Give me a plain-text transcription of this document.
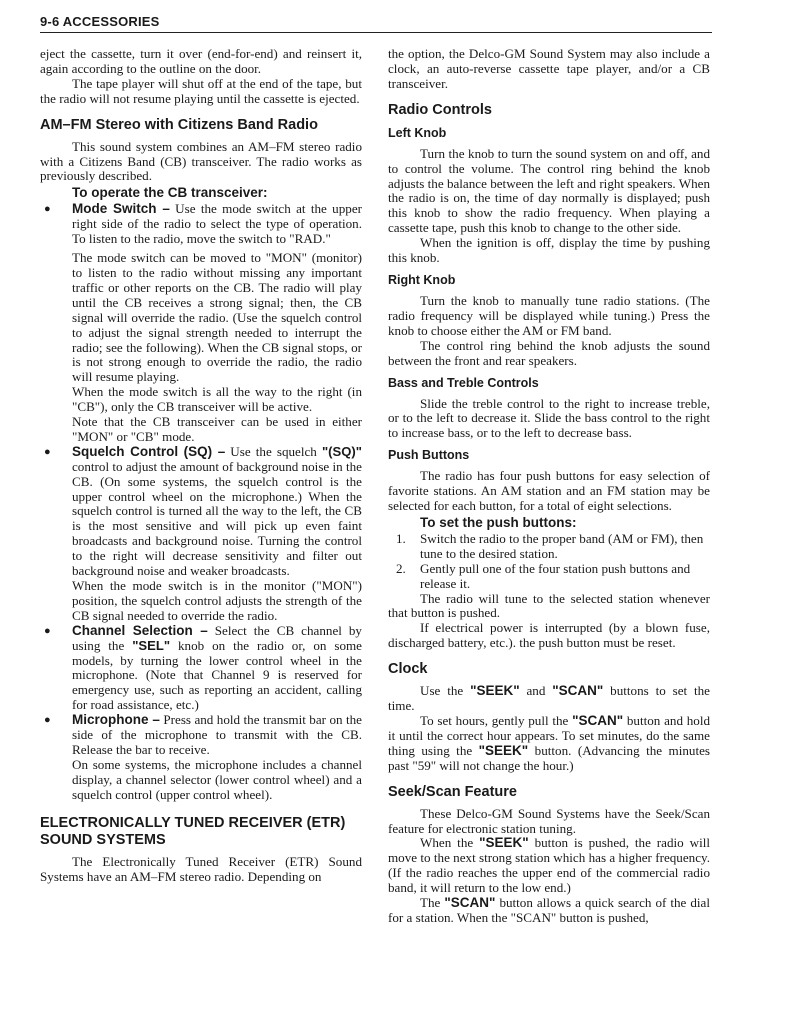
9-6 ACCESSORIES

eject the cassette, turn it over (end-for-end) and reinsert it, again according to the outline on the door.

The tape player will shut off at the end of the tape, but the radio will not resume playing until the cassette is ejected.

AM–FM Stereo with Citizens Band Radio

This sound system combines an AM–FM stereo radio with a Citizens Band (CB) transceiver. The radio works as previously described.

To operate the CB transceiver:

● Mode Switch – Use the mode switch at the upper right side of the radio to select the type of operation. To listen to the radio, move the switch to "RAD."

The mode switch can be moved to "MON" (monitor) to listen to the radio without missing any important traffic or other reports on the CB. The radio will play until the CB receives a strong signal; then, the CB signal will override the radio. (Use the squelch control to adjust the signal strength needed to interrupt the radio; see the following). When the CB signal stops, or is not strong enough to override the radio, the radio will resume playing.

When the mode switch is all the way to the right (in "CB"), only the CB transceiver will be active.

Note that the CB transceiver can be used in either "MON" or "CB" mode.

● Squelch Control (SQ) – Use the squelch "(SQ)" control to adjust the amount of background noise in the CB. (On some systems, the squelch control is the upper control wheel on the microphone.) When the squelch control is turned all the way to the left, the CB is the most sensitive and will pick up even faint broadcasts and background noise. Turning the control to the right will decrease sensitivity and filter out background noise and weaker broadcasts.

When the mode switch is in the monitor ("MON") position, the squelch control adjusts the strength of the CB signal needed to override the radio.

● Channel Selection – Select the CB channel by using the "SEL" knob on the radio or, on some models, by turning the lower control wheel in the microphone. (Note that Channel 9 is reserved for emergency use, such as reporting an accident, calling for road assistance, etc.)

● Microphone – Press and hold the transmit bar on the side of the microphone to transmit with the CB. Release the bar to receive.

On some systems, the microphone includes a channel display, a channel selector (lower control wheel) and a squelch control (upper control wheel).

ELECTRONICALLY TUNED RECEIVER (ETR) SOUND SYSTEMS

The Electronically Tuned Receiver (ETR) Sound Systems have an AM–FM stereo radio. Depending on

the option, the Delco-GM Sound System may also include a clock, an auto-reverse cassette tape player, and/or a CB transceiver.

Radio Controls
Left Knob

Turn the knob to turn the sound system on and off, and to control the volume. The control ring behind the knob adjusts the balance between the left and right speakers. When the radio is on, the time of day normally is displayed; push this knob to show the radio frequency. When playing a cassette tape, push this knob to change to the other side.

When the ignition is off, display the time by pushing this knob.

Right Knob

Turn the knob to manually tune radio stations. (The radio frequency will be displayed while tuning.) Press the knob to choose either the AM or FM band.

The control ring behind the knob adjusts the sound between the front and rear speakers.

Bass and Treble Controls

Slide the treble control to the right to increase treble, or to the left to decrease it. Slide the bass control to the right to increase bass, or to the left to decrease bass.

Push Buttons

The radio has four push buttons for easy selection of favorite stations. An AM station and an FM station may be selected for each button, for a total of eight selections.

To set the push buttons:
1. Switch the radio to the proper band (AM or FM), then tune to the desired station.
2. Gently pull one of the four station push buttons and release it.

The radio will tune to the selected station whenever that button is pushed.

If electrical power is interrupted (by a blown fuse, discharged battery, etc.). the push button must be reset.

Clock

Use the "SEEK" and "SCAN" buttons to set the time.

To set hours, gently pull the "SCAN" button and hold it until the correct hour appears. To set minutes, do the same thing using the "SEEK" button. (Advancing the minutes past "59" will not change the hour.)

Seek/Scan Feature

These Delco-GM Sound Systems have the Seek/Scan feature for electronic station tuning.

When the "SEEK" button is pushed, the radio will move to the next strong station which has a higher frequency. (If the radio reaches the upper end of the commercial radio band, it will return to the low end.)

The "SCAN" button allows a quick search of the dial for a station. When the "SCAN" button is pushed,
